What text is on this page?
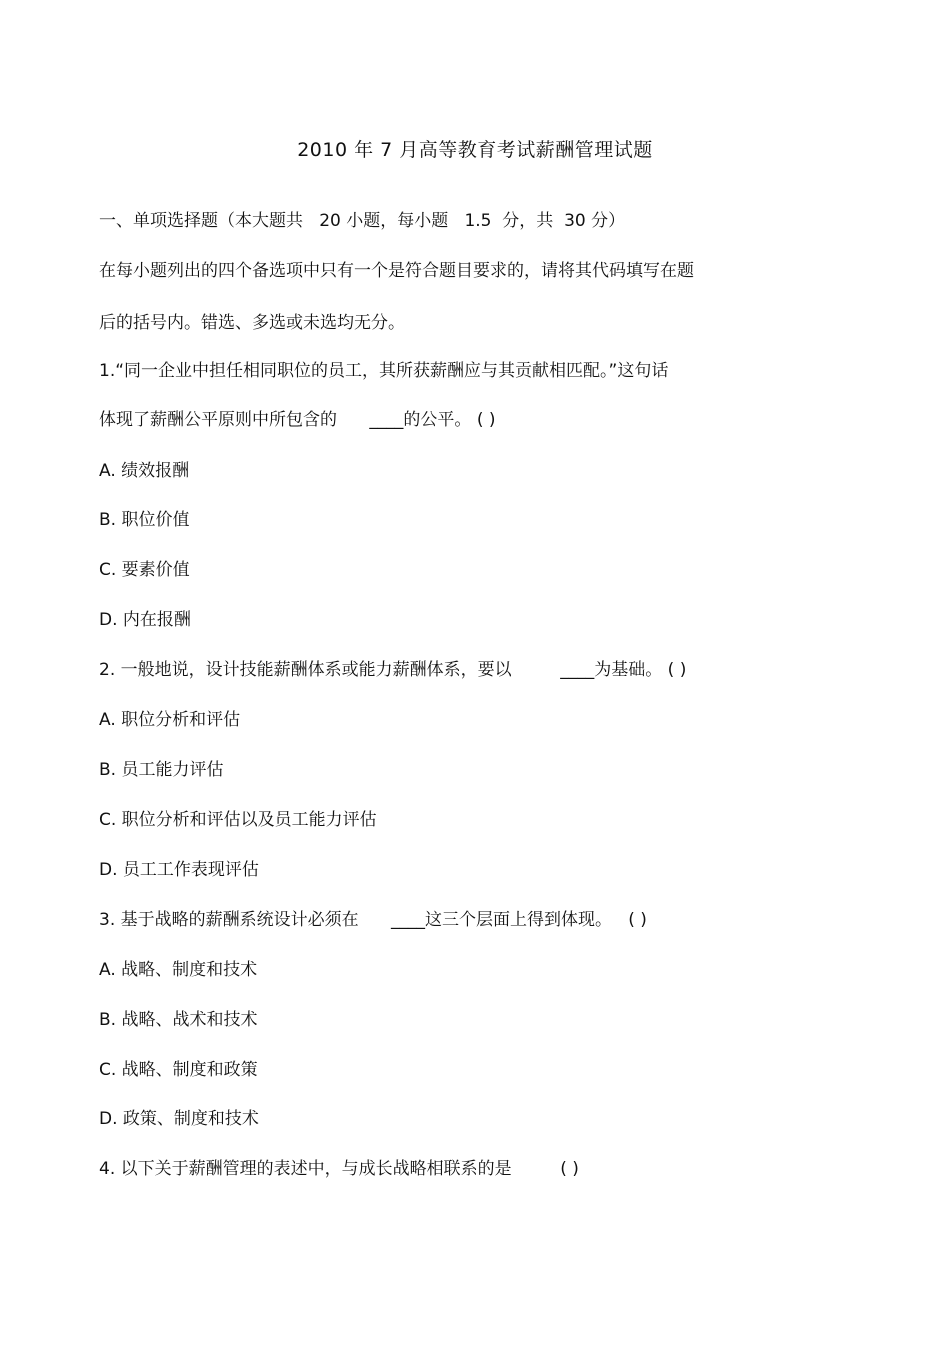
2010 年 7 月高等教育考试薪酬管理试题
一、单项选择题（本大题共   20 小题，每小题   1.5  分，共  30 分）
在每小题列出的四个备选项中只有一个是符合题目要求的，请将其代码填写在题
后的括号内。错选、多选或未选均无分。
1.“同一企业中担任相同职位的员工，其所获薪酬应与其贡献相匹配。”这句话
体现了薪酬公平原则中所包含的      ____的公平。 ( )
A. 绩效报酬
B. 职位价值
C. 要素价值
D. 内在报酬
2. 一般地说，设计技能薪酬体系或能力薪酬体系，要以         ____为基础。 ( )
A. 职位分析和评估
B. 员工能力评估
C. 职位分析和评估以及员工能力评估
D. 员工工作表现评估
3. 基于战略的薪酬系统设计必须在      ____这三个层面上得到体现。   ( )
A. 战略、制度和技术
B. 战略、战术和技术
C. 战略、制度和政策
D. 政策、制度和技术
4. 以下关于薪酬管理的表述中，与成长战略相联系的是         ( )
